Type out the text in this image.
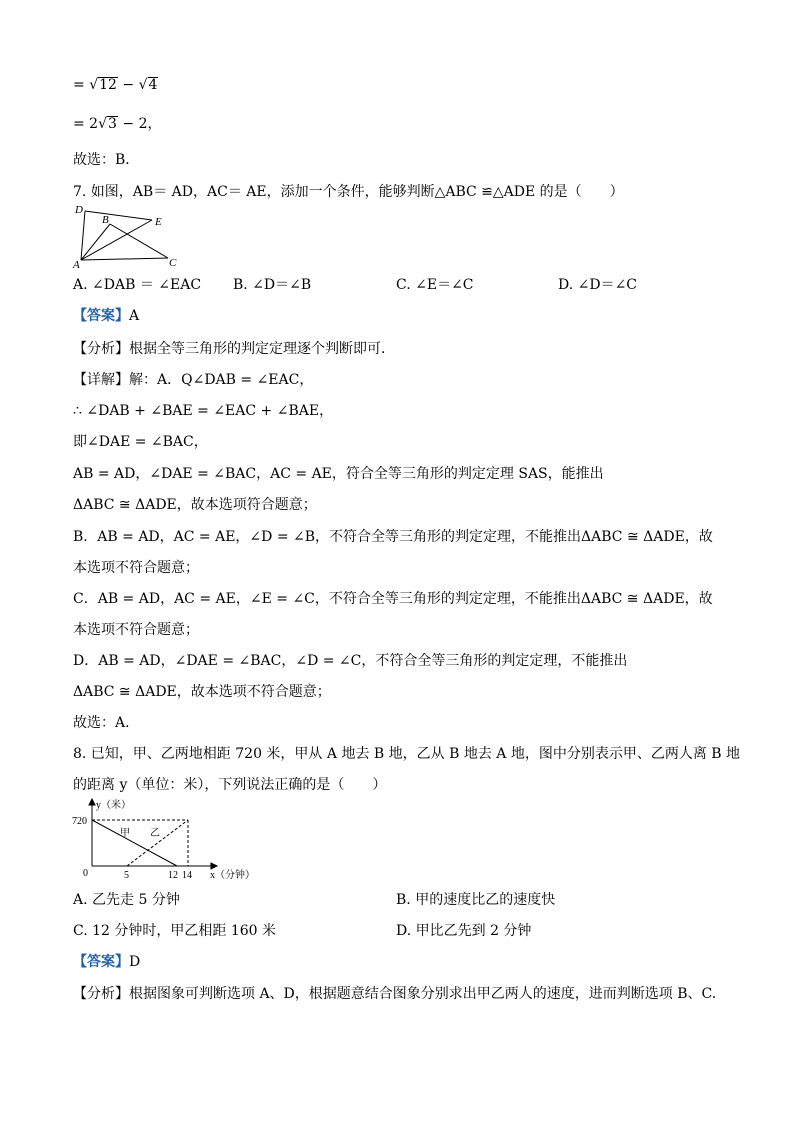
= √12 − √4
= 2√3 − 2，
故选：B．
7. 如图，AB＝ AD，AC＝ AE，添加一个条件，能够判断△ABC ≌△ADE 的是（　　）
D
B	E
A	C
A. ∠DAB ＝ ∠EAC B. ∠D＝∠B	C. ∠E＝∠C	D. ∠D＝∠C
【答案】A
【分析】根据全等三角形的判定定理逐个判断即可．
【详解】解：A．Q∠DAB = ∠EAC，
∴ ∠DAB + ∠BAE = ∠EAC + ∠BAE，
即∠DAE = ∠BAC，
AB = AD，∠DAE = ∠BAC，AC = AE，符合全等三角形的判定定理 SAS，能推出
ΔABC ≅ ΔADE，故本选项符合题意；
B．AB = AD，AC = AE，∠D = ∠B，不符合全等三角形的判定定理，不能推出ΔABC ≅ ΔADE，故
本选项不符合题意；
C．AB = AD，AC = AE，∠E = ∠C，不符合全等三角形的判定定理，不能推出ΔABC ≅ ΔADE，故
本选项不符合题意；
D．AB = AD，∠DAE = ∠BAC，∠D = ∠C，不符合全等三角形的判定定理，不能推出
ΔABC ≅ ΔADE，故本选项不符合题意；
故选：A．
8. 已知，甲、乙两地相距 720 米，甲从 A 地去 B 地，乙从 B 地去 A 地，图中分别表示甲、乙两人离 B 地
的距离 y（单位：米），下列说法正确的是（　　）
y（米）
720
0	5	12 14 x（分钟）
甲 乙
A. 乙先走 5 分钟	B. 甲的速度比乙的速度快
C. 12 分钟时，甲乙相距 160 米	D. 甲比乙先到 2 分钟
【答案】D
【分析】根据图象可判断选项 A、D，根据题意结合图象分别求出甲乙两人的速度，进而判断选项 B、C.
